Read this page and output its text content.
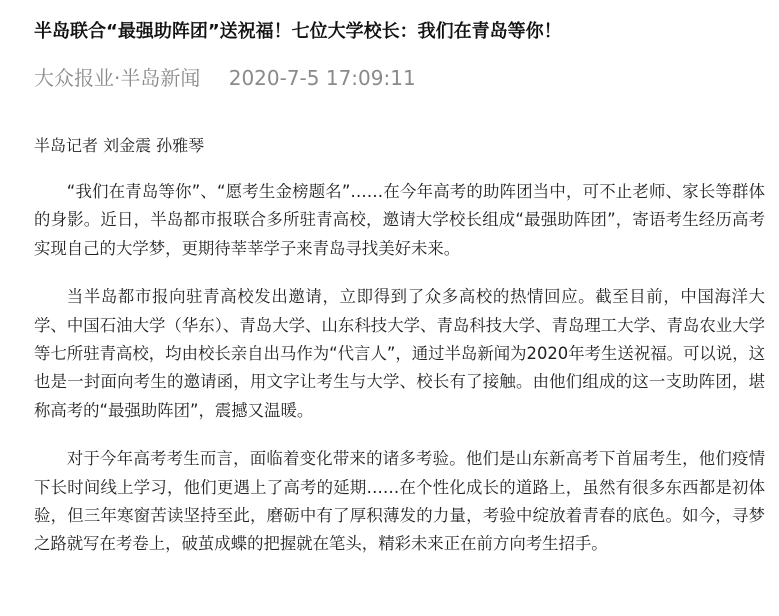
半岛联合“最强助阵团”送祝福！七位大学校长：我们在青岛等你！
大众报业·半岛新闻 2020-7-5 17:09:11
半岛记者 刘金震 孙雅琴

“我们在青岛等你”、“愿考生金榜题名”……在今年高考的助阵团当中，可不止老师、家长等群体的身影。近日，半岛都市报联合多所驻青高校，邀请大学校长组成“最强助阵团”，寄语考生经历高考实现自己的大学梦，更期待莘莘学子来青岛寻找美好未来。

当半岛都市报向驻青高校发出邀请，立即得到了众多高校的热情回应。截至目前，中国海洋大学、中国石油大学（华东）、青岛大学、山东科技大学、青岛科技大学、青岛理工大学、青岛农业大学等七所驻青高校，均由校长亲自出马作为“代言人”，通过半岛新闻为2020年考生送祝福。可以说，这也是一封面向考生的邀请函，用文字让考生与大学、校长有了接触。由他们组成的这一支助阵团，堪称高考的“最强助阵团”，震撼又温暖。

对于今年高考考生而言，面临着变化带来的诸多考验。他们是山东新高考下首届考生，他们疫情下长时间线上学习，他们更遇上了高考的延期……在个性化成长的道路上，虽然有很多东西都是初体验，但三年寒窗苦读坚持至此，磨砺中有了厚积薄发的力量，考验中绽放着青春的底色。如今，寻梦之路就写在考卷上，破茧成蝶的把握就在笔头，精彩未来正在前方向考生招手。
